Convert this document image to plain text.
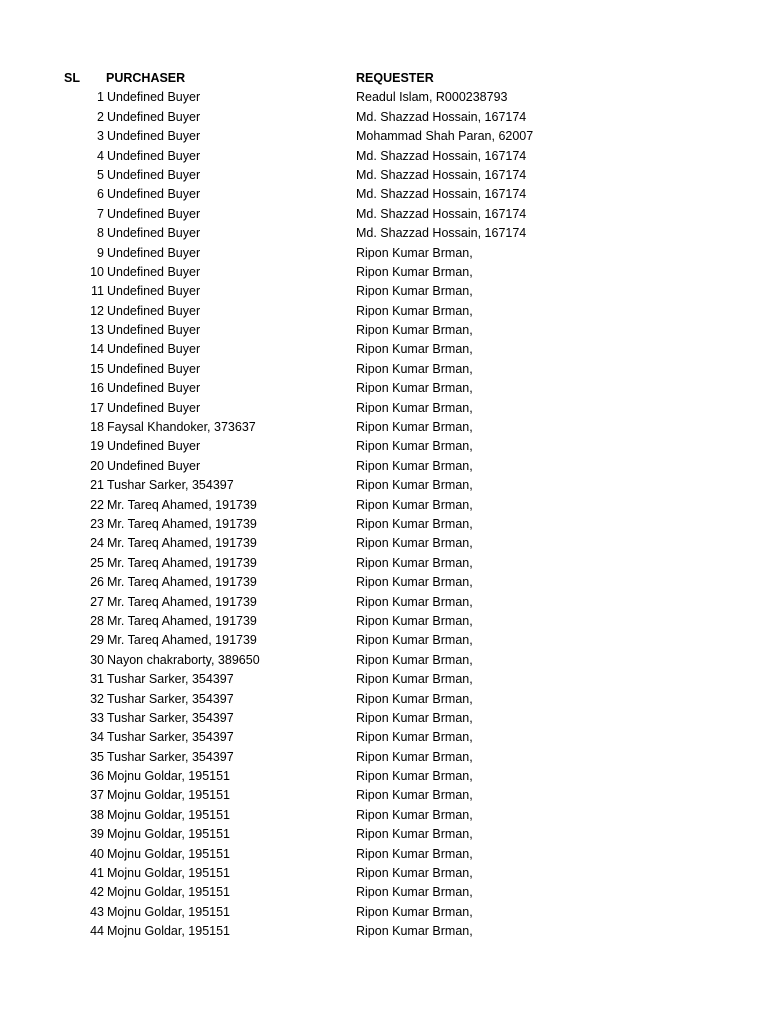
SL PURCHASER	REQUESTER
1 Undefined Buyer	Readul Islam, R000238793
2 Undefined Buyer	Md. Shazzad Hossain, 167174
3 Undefined Buyer	Mohammad Shah Paran, 62007
4 Undefined Buyer	Md. Shazzad Hossain, 167174
5 Undefined Buyer	Md. Shazzad Hossain, 167174
6 Undefined Buyer	Md. Shazzad Hossain, 167174
7 Undefined Buyer	Md. Shazzad Hossain, 167174
8 Undefined Buyer	Md. Shazzad Hossain, 167174
9 Undefined Buyer	Ripon Kumar Brman,
10 Undefined Buyer	Ripon Kumar Brman,
11 Undefined Buyer	Ripon Kumar Brman,
12 Undefined Buyer	Ripon Kumar Brman,
13 Undefined Buyer	Ripon Kumar Brman,
14 Undefined Buyer	Ripon Kumar Brman,
15 Undefined Buyer	Ripon Kumar Brman,
16 Undefined Buyer	Ripon Kumar Brman,
17 Undefined Buyer	Ripon Kumar Brman,
18 Faysal Khandoker, 373637	Ripon Kumar Brman,
19 Undefined Buyer	Ripon Kumar Brman,
20 Undefined Buyer	Ripon Kumar Brman,
21 Tushar Sarker, 354397	Ripon Kumar Brman,
22 Mr. Tareq Ahamed, 191739	Ripon Kumar Brman,
23 Mr. Tareq Ahamed, 191739	Ripon Kumar Brman,
24 Mr. Tareq Ahamed, 191739	Ripon Kumar Brman,
25 Mr. Tareq Ahamed, 191739	Ripon Kumar Brman,
26 Mr. Tareq Ahamed, 191739	Ripon Kumar Brman,
27 Mr. Tareq Ahamed, 191739	Ripon Kumar Brman,
28 Mr. Tareq Ahamed, 191739	Ripon Kumar Brman,
29 Mr. Tareq Ahamed, 191739	Ripon Kumar Brman,
30 Nayon chakraborty, 389650	Ripon Kumar Brman,
31 Tushar Sarker, 354397	Ripon Kumar Brman,
32 Tushar Sarker, 354397	Ripon Kumar Brman,
33 Tushar Sarker, 354397	Ripon Kumar Brman,
34 Tushar Sarker, 354397	Ripon Kumar Brman,
35 Tushar Sarker, 354397	Ripon Kumar Brman,
36 Mojnu Goldar, 195151	Ripon Kumar Brman,
37 Mojnu Goldar, 195151	Ripon Kumar Brman,
38 Mojnu Goldar, 195151	Ripon Kumar Brman,
39 Mojnu Goldar, 195151	Ripon Kumar Brman,
40 Mojnu Goldar, 195151	Ripon Kumar Brman,
41 Mojnu Goldar, 195151	Ripon Kumar Brman,
42 Mojnu Goldar, 195151	Ripon Kumar Brman,
43 Mojnu Goldar, 195151	Ripon Kumar Brman,
44 Mojnu Goldar, 195151	Ripon Kumar Brman,
